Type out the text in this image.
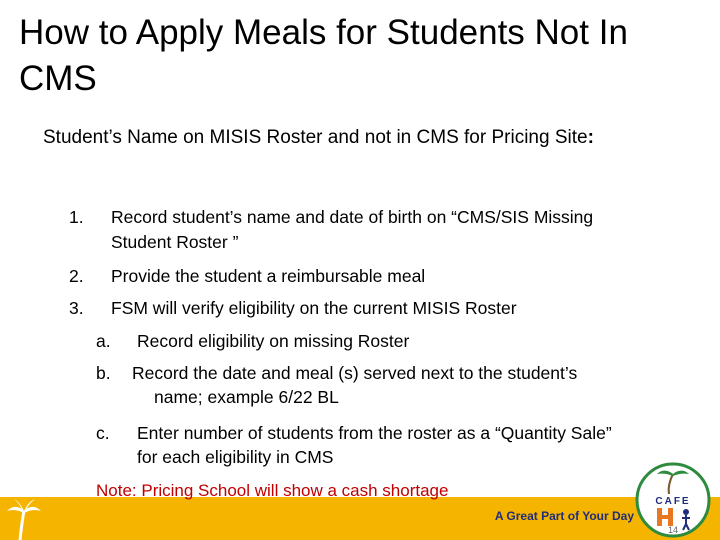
How to Apply Meals for Students Not In CMS
Student’s Name on MISIS Roster and not in CMS for Pricing Site:
1. Record student’s name and date of birth on “CMS/SIS Missing
Student Roster ”
2. Provide the student a reimbursable meal
3. FSM will verify eligibility on the current MISIS Roster
a. Record eligibility on missing Roster
b. Record the date and meal (s) served next to the student’s
name; example 6/22 BL
c. Enter number of students from the roster as a “Quantity Sale”
for each eligibility in CMS
Note: Pricing School will show a cash shortage
A Great Part of Your Day
CAFE
14
